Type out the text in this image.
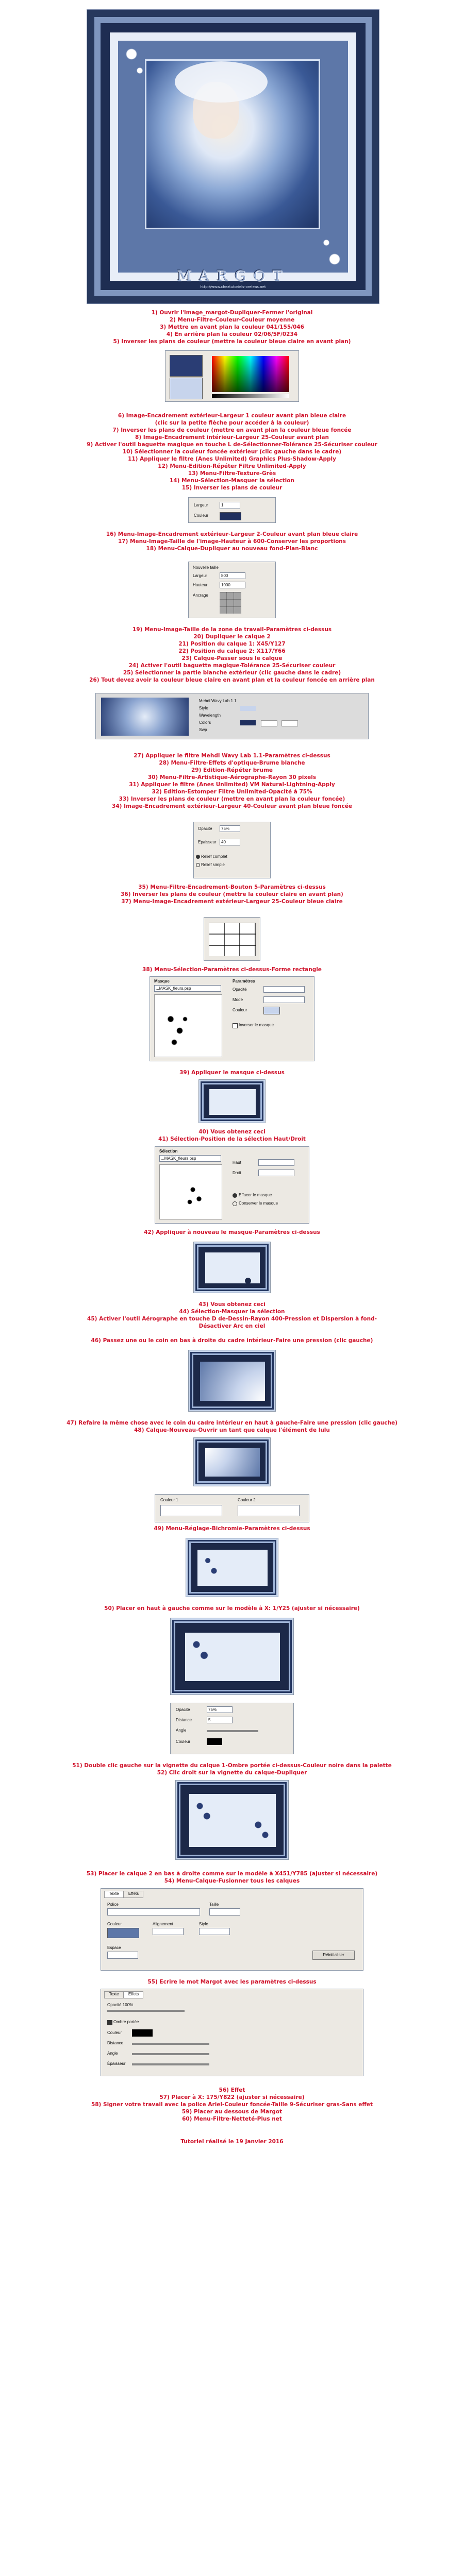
MARGOT
http://www.cheztutoriels-oreleas.net
1) Ouvrir l'image_margot-Dupliquer-Fermer l'original
2) Menu-Filtre-Couleur-Couleur moyenne
3) Mettre en avant plan la couleur 041/155/046
4) En arrière plan la couleur 02/06/5F/0234
5) Inverser les plans de couleur (mettre la couleur bleue claire en avant plan)
6) Image-Encadrement extérieur-Largeur 1 couleur avant plan bleue claire
(clic sur la petite flèche pour accéder à la couleur)
7) Inverser les plans de couleur (mettre en avant plan la couleur bleue foncée
8) Image-Encadrement intérieur-Largeur 25-Couleur avant plan
9) Activer l'outil baguette magique en touche L de-Sélectionner-Tolérance 25-Sécuriser couleur
10) Sélectionner la couleur foncée extérieur (clic gauche dans le cadre)
11) Appliquer le filtre (Anes Unlimited) Graphics Plus-Shadow-Apply
12) Menu-Edition-Répéter Filtre Unlimited-Apply
13) Menu-Filtre-Texture-Grès
14) Menu-Sélection-Masquer la sélection
15) Inverser les plans de couleur
Largeur	1
Couleur
16) Menu-Image-Encadrement extérieur-Largeur 2-Couleur avant plan bleue claire
17) Menu-Image-Taille de l'image-Hauteur à 600-Conserver les proportions
18) Menu-Calque-Dupliquer au nouveau fond-Plan-Blanc
Nouvelle taille
Largeur	800
Hauteur	1000
Ancrage
19) Menu-Image-Taille de la zone de travail-Paramètres ci-dessus
20) Dupliquer le calque 2
21) Position du calque 1: X45/Y127
22) Position du calque 2: X117/Y66
23) Calque-Passer sous le calque
24) Activer l'outil baguette magique-Tolérance 25-Sécuriser couleur
25) Sélectionner la partie blanche extérieur (clic gauche dans le cadre)
26) Tout devez avoir la couleur bleue claire en avant plan et la couleur foncée en arrière plan
Mehdi Wavy Lab 1.1
Style
Wavelength
Colors
Swp
27) Appliquer le filtre Mehdi Wavy Lab 1.1-Paramètres ci-dessus
28) Menu-Filtre-Effets d'optique-Brume blanche
29) Edition-Répéter brume
30) Menu-Filtre-Artistique-Aérographe-Rayon 30 pixels
31) Appliquer le filtre (Anes Unlimited) VM Natural-Lightning-Apply
32) Edition-Estomper Filtre Unlimited-Opacité à 75%
33) Inverser les plans de couleur (mettre en avant plan la couleur foncée)
34) Image-Encadrement extérieur-Largeur 40-Couleur avant plan bleue foncée
Opacité	75%
Epaisseur	40
Relief complet
Relief simple
35) Menu-Filtre-Encadrement-Bouton 5-Paramètres ci-dessus
36) Inverser les plans de couleur (mettre la couleur claire en avant plan)
37) Menu-Image-Encadrement extérieur-Largeur 25-Couleur bleue claire
38) Menu-Sélection-Paramètres ci-dessus-Forme rectangle
Masque
...MASK_fleurs.psp
Paramètres
Opacité
Mode
Couleur
Inverser le masque
39) Appliquer le masque ci-dessus
40) Vous obtenez ceci
41) Sélection-Position de la sélection Haut/Droit
Sélection
...MASK_fleurs.psp
Haut
Droit
Effacer le masque
Conserver le masque
42) Appliquer à nouveau le masque-Paramètres ci-dessus
43) Vous obtenez ceci
44) Sélection-Masquer la sélection
45) Activer l'outil Aérographe en touche D de-Dessin-Rayon 400-Pression et Dispersion à fond-
Désactiver Arc en ciel
46) Passez une ou le coin en bas à droite du cadre intérieur-Faire une pression (clic gauche)
47) Refaire la même chose avec le coin du cadre intérieur en haut à gauche-Faire une pression (clic gauche)
48) Calque-Nouveau-Ouvrir un tant que calque l'élément de lulu
Couleur 1	Couleur 2
49) Menu-Réglage-Bichromie-Paramètres ci-dessus
50) Placer en haut à gauche comme sur le modèle à X: 1/Y25 (ajuster si nécessaire)
Opacité	75%
Distance	5
Angle
Couleur
51) Double clic gauche sur la vignette du calque 1-Ombre portée ci-dessus-Couleur noire dans la palette
52) Clic droit sur la vignette du calque-Dupliquer
53) Placer le calque 2 en bas à droite comme sur le modèle à X451/Y785 (ajuster si nécessaire)
54) Menu-Calque-Fusionner tous les calques
Texte	Effets
Police	Taille
Couleur	Alignement	Style
Espace
Réinitialiser
55) Ecrire le mot Margot avec les paramètres ci-dessus
Texte	Effets
Opacité 100%
Ombre portée
Couleur
Distance
Angle
Épaisseur
56) Effet
57) Placer à X: 175/Y822 (ajuster si nécessaire)
58) Signer votre travail avec la police Ariel-Couleur foncée-Taille 9-Sécuriser gras-Sans effet
59) Placer au dessous de Margot
60) Menu-Filtre-Netteté-Plus net
Tutoriel réalisé le 19 Janvier 2016
